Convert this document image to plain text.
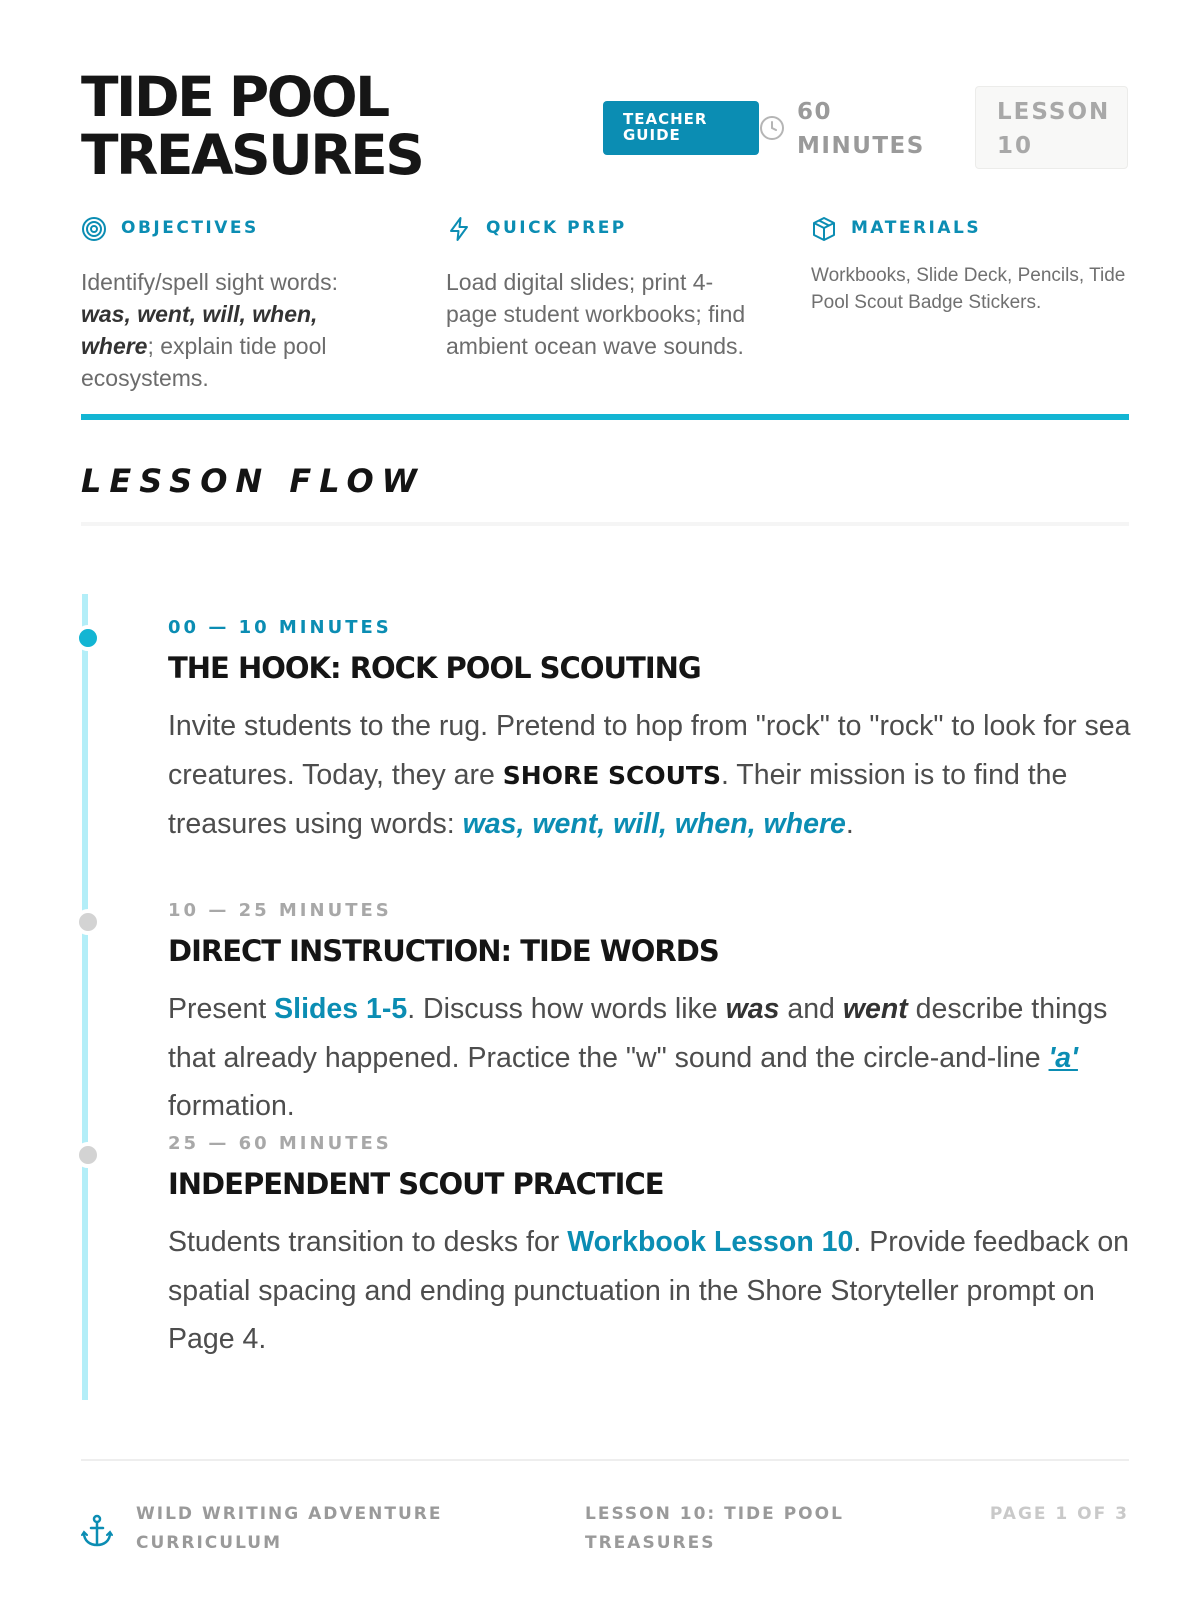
TIDE POOL
TREASURES
TEACHER
GUIDE
60
MINUTES
LESSON
10
OBJECTIVES
Identify/spell sight words: was, went, will, when, where; explain tide pool ecosystems.
QUICK PREP
Load digital slides; print 4-page student workbooks; find ambient ocean wave sounds.
MATERIALS
Workbooks, Slide Deck, Pencils, Tide Pool Scout Badge Stickers.
LESSON FLOW
00 — 10 MINUTES
THE HOOK: ROCK POOL SCOUTING
Invite students to the rug. Pretend to hop from "rock" to "rock" to look for sea creatures. Today, they are SHORE SCOUTS. Their mission is to find the treasures using words: was, went, will, when, where.
10 — 25 MINUTES
DIRECT INSTRUCTION: TIDE WORDS
Present Slides 1-5. Discuss how words like was and went describe things that already happened. Practice the "w" sound and the circle-and-line 'a' formation.
25 — 60 MINUTES
INDEPENDENT SCOUT PRACTICE
Students transition to desks for Workbook Lesson 10. Provide feedback on spatial spacing and ending punctuation in the Shore Storyteller prompt on Page 4.
WILD WRITING ADVENTURE
CURRICULUM
LESSON 10: TIDE POOL
TREASURES
PAGE 1 OF 3
